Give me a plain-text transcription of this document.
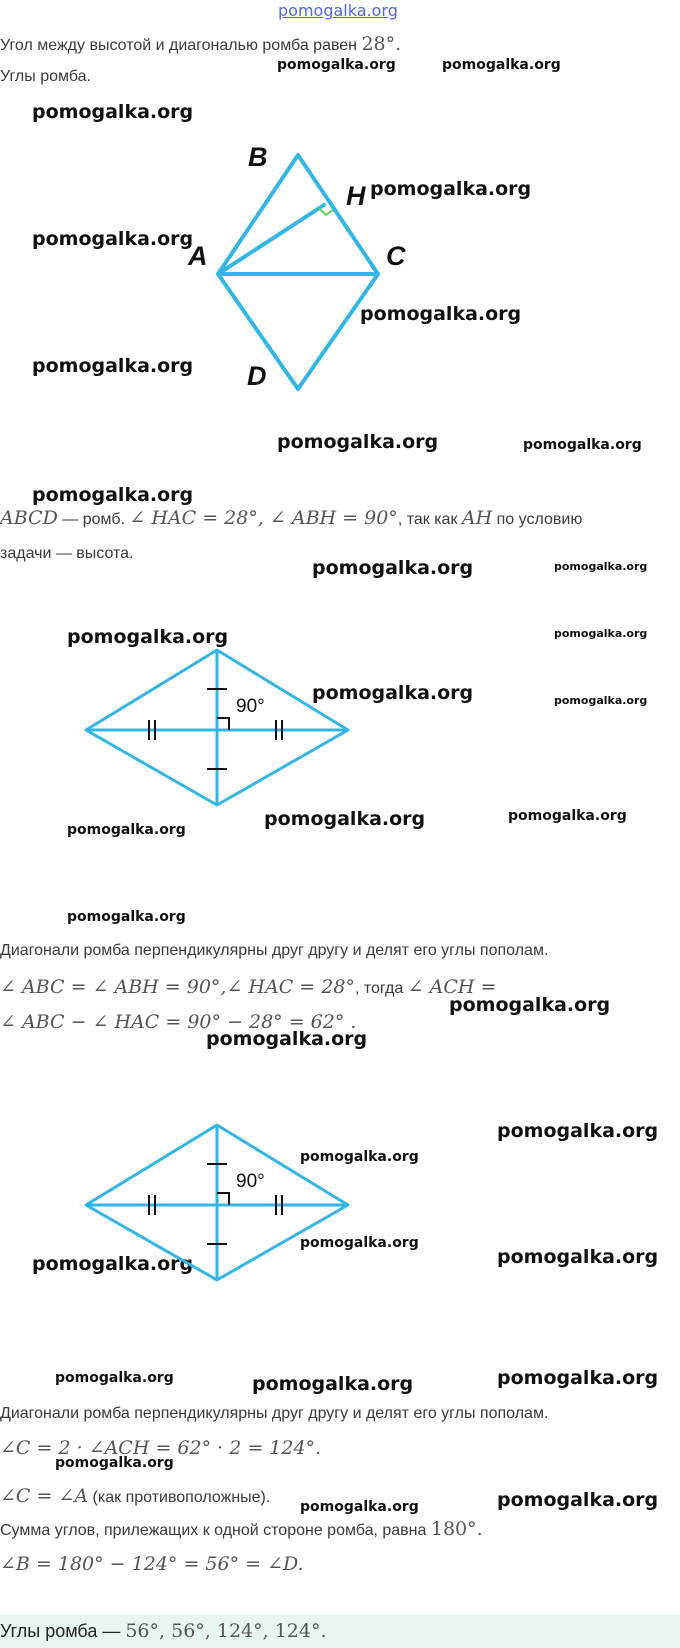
pomogalka.org
Угол между высотой и диагональю ромба равен 28°.
Углы ромба.
pomogalka.org	pomogalka.org
pomogalka.org
pomogalka.org
pomogalka.org
pomogalka.org
pomogalka.org
pomogalka.org	pomogalka.org
B
H
A	C
D
pomogalka.org
ABCD — ромб. ∠ HAC = 28°, ∠ ABH = 90°, так как AH по условию
задачи — высота.
pomogalka.org	pomogalka.org
pomogalka.org	pomogalka.org
pomogalka.org	pomogalka.org
pomogalka.org	pomogalka.org
pomogalka.org
pomogalka.org
90°
Диагонали ромба перпендикулярны друг другу и делят его углы пополам.
∠ ABC = ∠ ABH = 90°,∠ HAC = 28°, тогда ∠ ACH =
pomogalka.org
∠ ABC − ∠ HAC = 90° − 28° = 62° .
pomogalka.org
pomogalka.org
pomogalka.org
pomogalka.org
pomogalka.org
pomogalka.org
90°
pomogalka.org	pomogalka.org	pomogalka.org
Диагонали ромба перпендикулярны друг другу и делят его углы пополам.
∠C = 2 · ∠ACH = 62° · 2 = 124°.
pomogalka.org
∠C = ∠A (как противоположные).	pomogalka.org
pomogalka.org
Сумма углов, прилежащих к одной стороне ромба, равна 180°.
∠B = 180° − 124° = 56° = ∠D.
Углы ромба — 56°, 56°, 124°, 124°.
